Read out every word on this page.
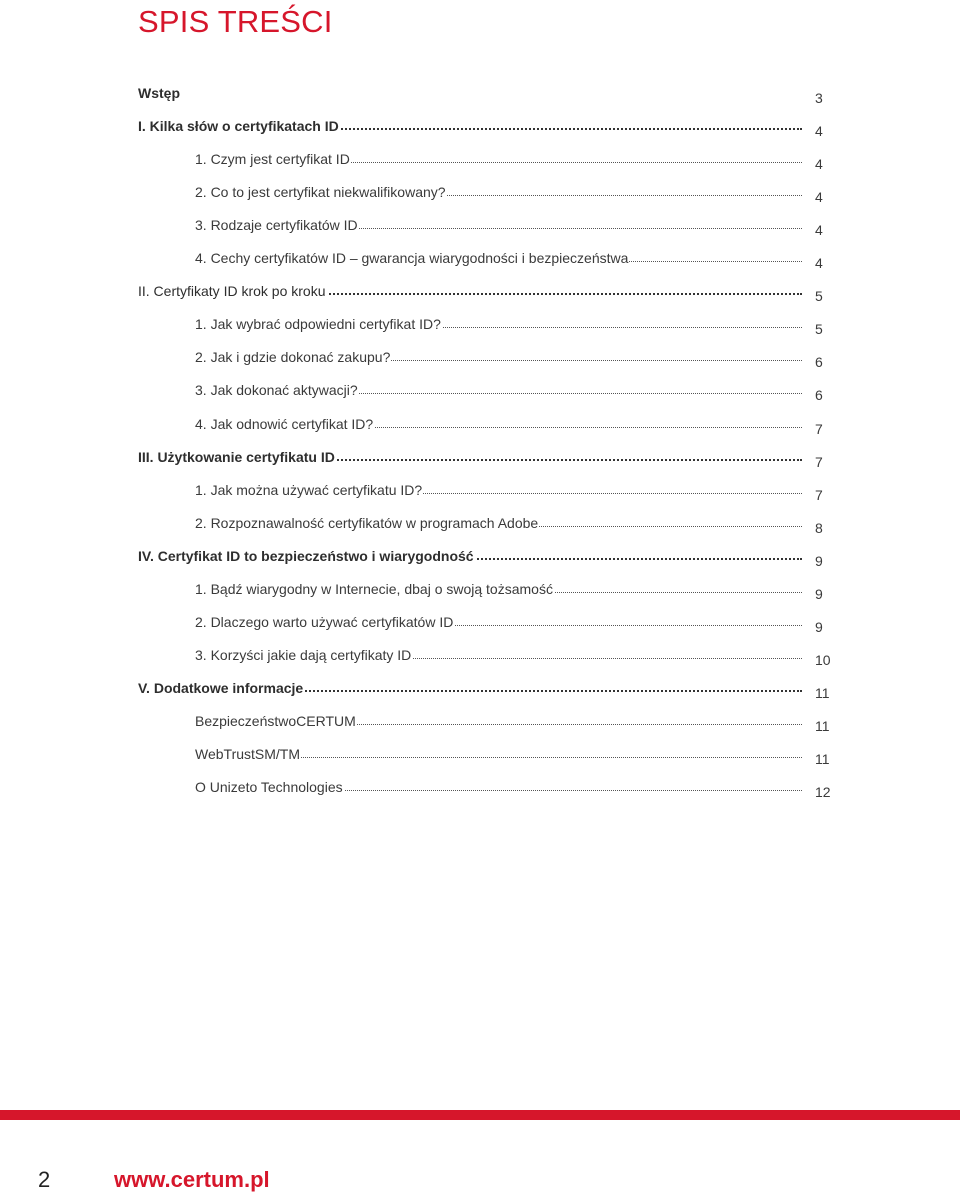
SPIS TREŚCI
Wstęp	3
I. Kilka słów o certyfikatach ID	4
1. Czym jest certyfikat ID	4
2. Co to jest certyfikat niekwalifikowany?	4
3. Rodzaje certyfikatów ID	4
4. Cechy certyfikatów ID – gwarancja wiarygodności i bezpieczeństwa	4
II. Certyfikaty ID krok po kroku	5
1. Jak wybrać odpowiedni certyfikat ID?	5
2. Jak i gdzie dokonać zakupu?	6
3. Jak dokonać aktywacji?	6
4. Jak odnowić certyfikat ID?	7
III. Użytkowanie certyfikatu ID	7
1. Jak można używać certyfikatu ID?	7
2. Rozpoznawalność certyfikatów w programach Adobe	8
IV. Certyfikat ID to bezpieczeństwo i wiarygodność	9
1. Bądź wiarygodny w Internecie, dbaj o swoją tożsamość	9
2. Dlaczego warto używać certyfikatów ID	9
3. Korzyści jakie dają certyfikaty ID	10
V. Dodatkowe informacje	11
BezpieczeństwoCERTUM	11
WebTrustSM/TM	11
O Unizeto Technologies	12
2	www.certum.pl
